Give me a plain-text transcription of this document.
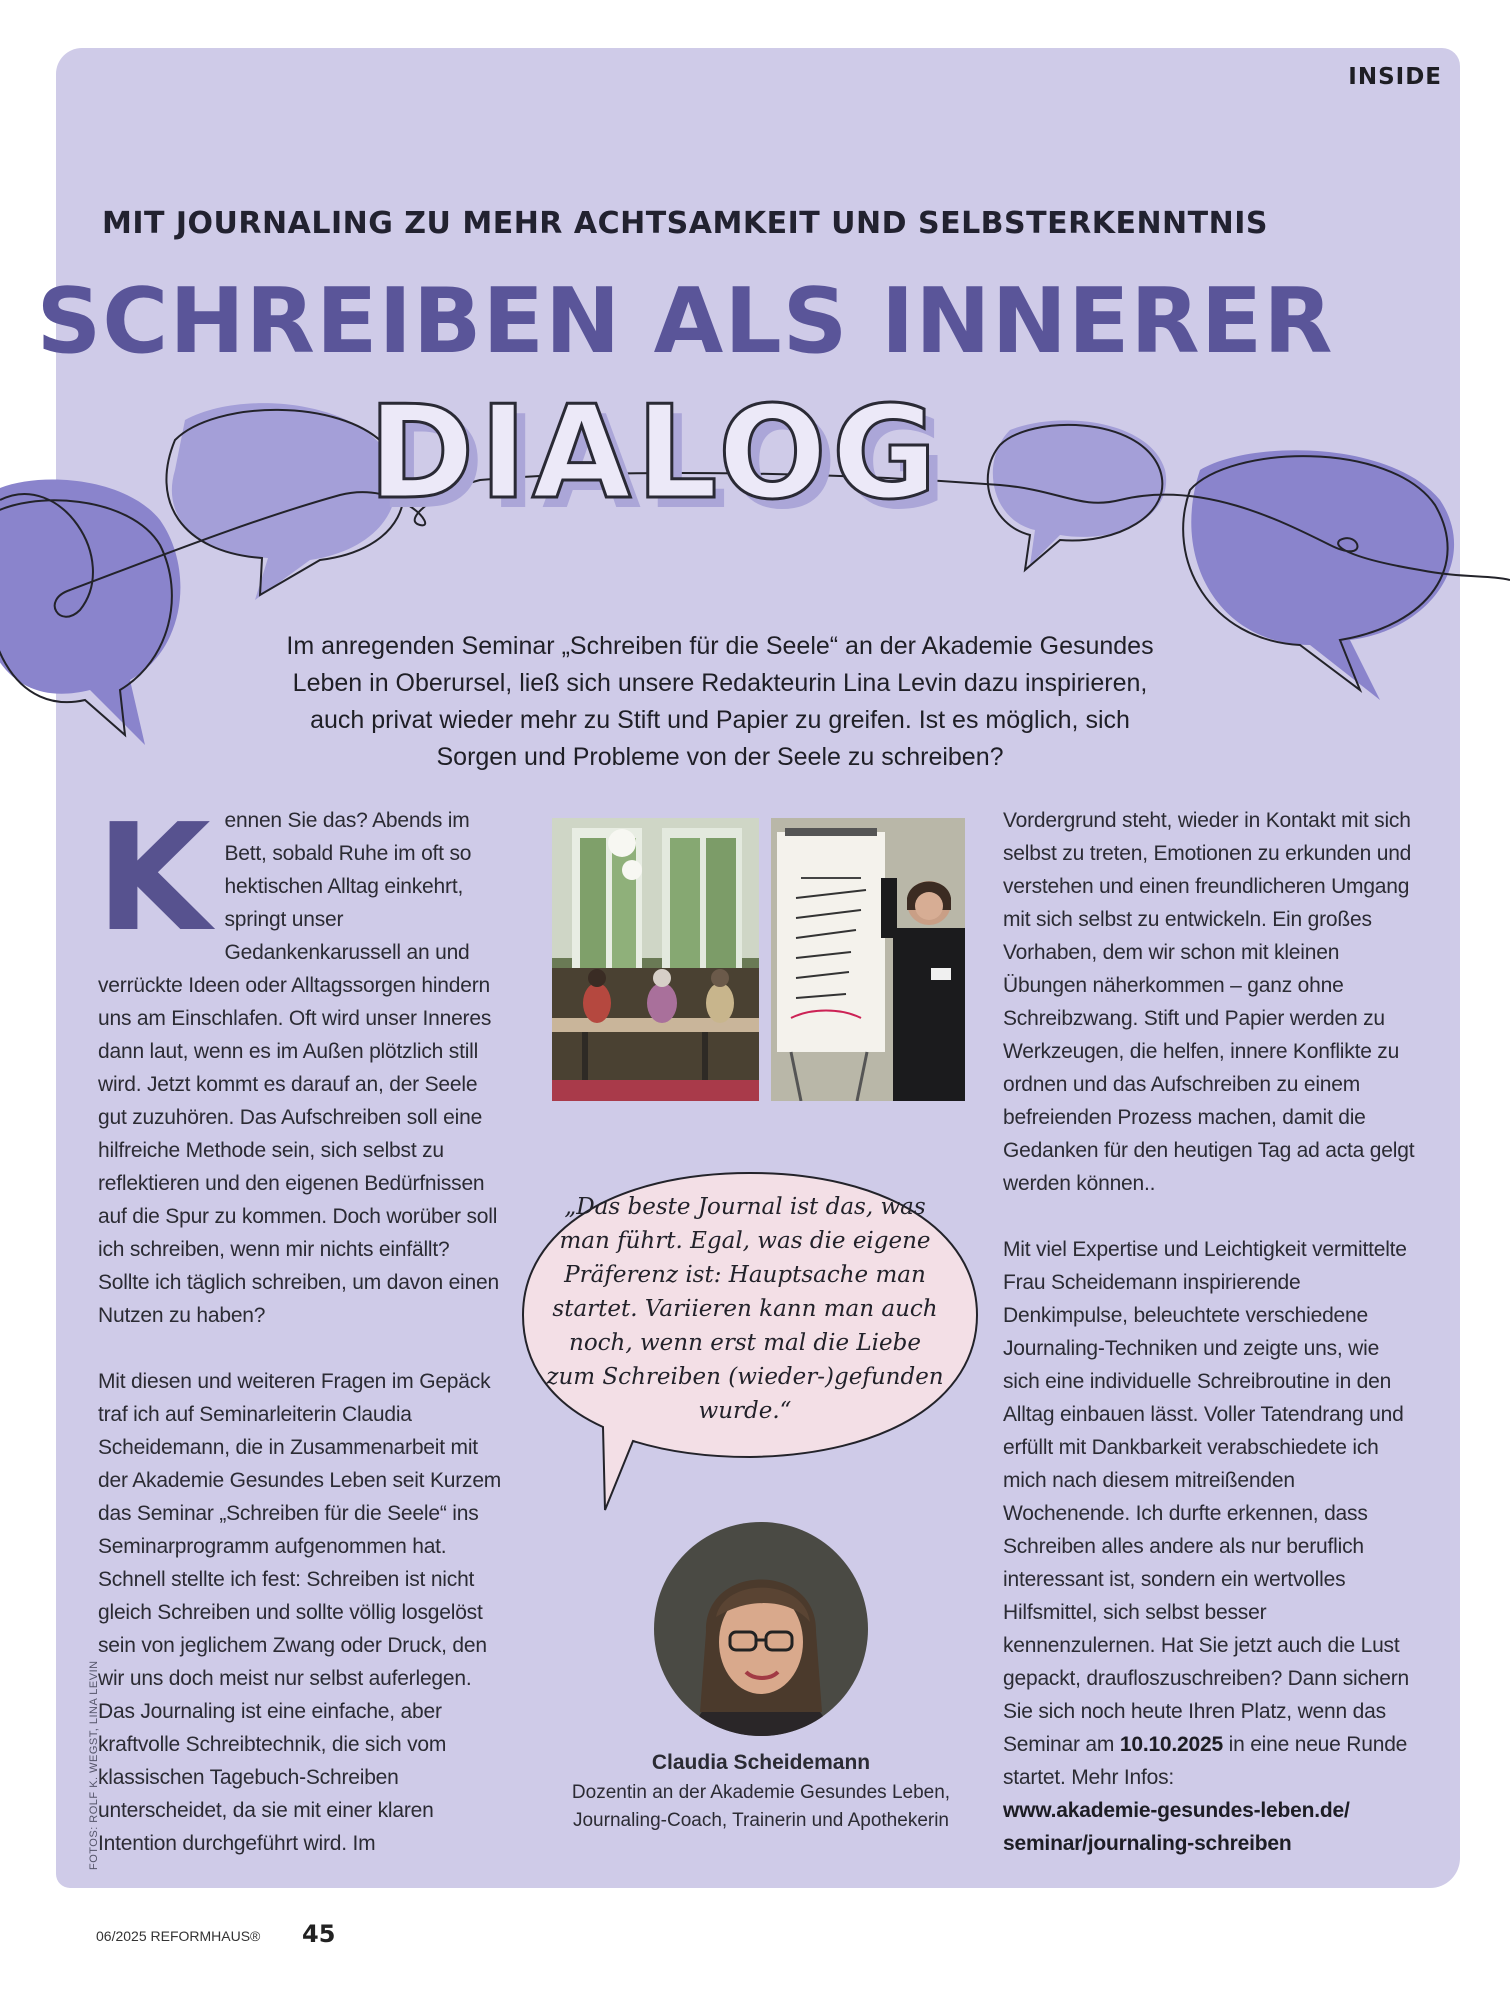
INSIDE
MIT JOURNALING ZU MEHR ACHTSAMKEIT UND SELBSTERKENNTNIS
SCHREIBEN ALS INNERER
DIALOG
Im anregenden Seminar „Schreiben für die Seele“ an der Akademie Gesundes Leben in Oberursel, ließ sich unsere Redakteurin Lina Levin dazu inspirieren, auch privat wieder mehr zu Stift und Papier zu greifen. Ist es möglich, sich Sorgen und Probleme von der Seele zu schreiben?

Kennen Sie das? Abends im Bett, sobald Ruhe im oft so hektischen Alltag einkehrt, springt unser Gedankenkarussell an und verrückte Ideen oder Alltagssorgen hindern uns am Einschlafen. Oft wird unser Inneres dann laut, wenn es im Außen plötzlich still wird. Jetzt kommt es darauf an, der Seele gut zuzuhören. Das Aufschreiben soll eine hilfreiche Methode sein, sich selbst zu reflektieren und den eigenen Bedürfnissen auf die Spur zu kommen. Doch worüber soll ich schreiben, wenn mir nichts einfällt? Sollte ich täglich schreiben, um davon einen Nutzen zu haben?

Mit diesen und weiteren Fragen im Gepäck traf ich auf Seminarleiterin Claudia Scheidemann, die in Zusammenarbeit mit der Akademie Gesundes Leben seit Kurzem das Seminar „Schreiben für die Seele“ ins Seminarprogramm aufgenommen hat. Schnell stellte ich fest: Schreiben ist nicht gleich Schreiben und sollte völlig losgelöst sein von jeglichem Zwang oder Druck, den wir uns doch meist nur selbst auferlegen. Das Journaling ist eine einfache, aber kraftvolle Schreibtechnik, die sich vom klassischen Tagebuch-Schreiben unterscheidet, da sie mit einer klaren Intention durchgeführt wird. Im

„Das beste Journal ist das, was man führt. Egal, was die eigene Präferenz ist: Hauptsache man startet. Variieren kann man auch noch, wenn erst mal die Liebe zum Schreiben (wieder-)gefunden wurde.“
Claudia Scheidemann
Dozentin an der Akademie Gesundes Leben, Journaling-Coach, Trainerin und Apothekerin

Vordergrund steht, wieder in Kontakt mit sich selbst zu treten, Emotionen zu erkunden und verstehen und einen freundlicheren Umgang mit sich selbst zu entwickeln. Ein großes Vorhaben, dem wir schon mit kleinen Übungen näherkommen – ganz ohne Schreibzwang. Stift und Papier werden zu Werkzeugen, die helfen, innere Konflikte zu ordnen und das Aufschreiben zu einem befreienden Prozess machen, damit die Gedanken für den heutigen Tag ad acta gelgt werden können..

Mit viel Expertise und Leichtigkeit vermittelte Frau Scheidemann inspirierende Denkimpulse, beleuchtete verschiedene Journaling-Techniken und zeigte uns, wie sich eine individuelle Schreibroutine in den Alltag einbauen lässt. Voller Tatendrang und erfüllt mit Dankbarkeit verabschiedete ich mich nach diesem mitreißenden Wochenende. Ich durfte erkennen, dass Schreiben alles andere als nur beruflich interessant ist, sondern ein wertvolles Hilfsmittel, sich selbst besser kennenzulernen. Hat Sie jetzt auch die Lust gepackt, draufloszuschreiben? Dann sichern Sie sich noch heute Ihren Platz, wenn das Seminar am 10.10.2025 in eine neue Runde startet. Mehr Infos:

www.akademie-gesundes-leben.de/ seminar/journaling-schreiben
FOTOS: ROLF K. WEGST, LINA LEVIN
06/2025 REFORMHAUS® 45
